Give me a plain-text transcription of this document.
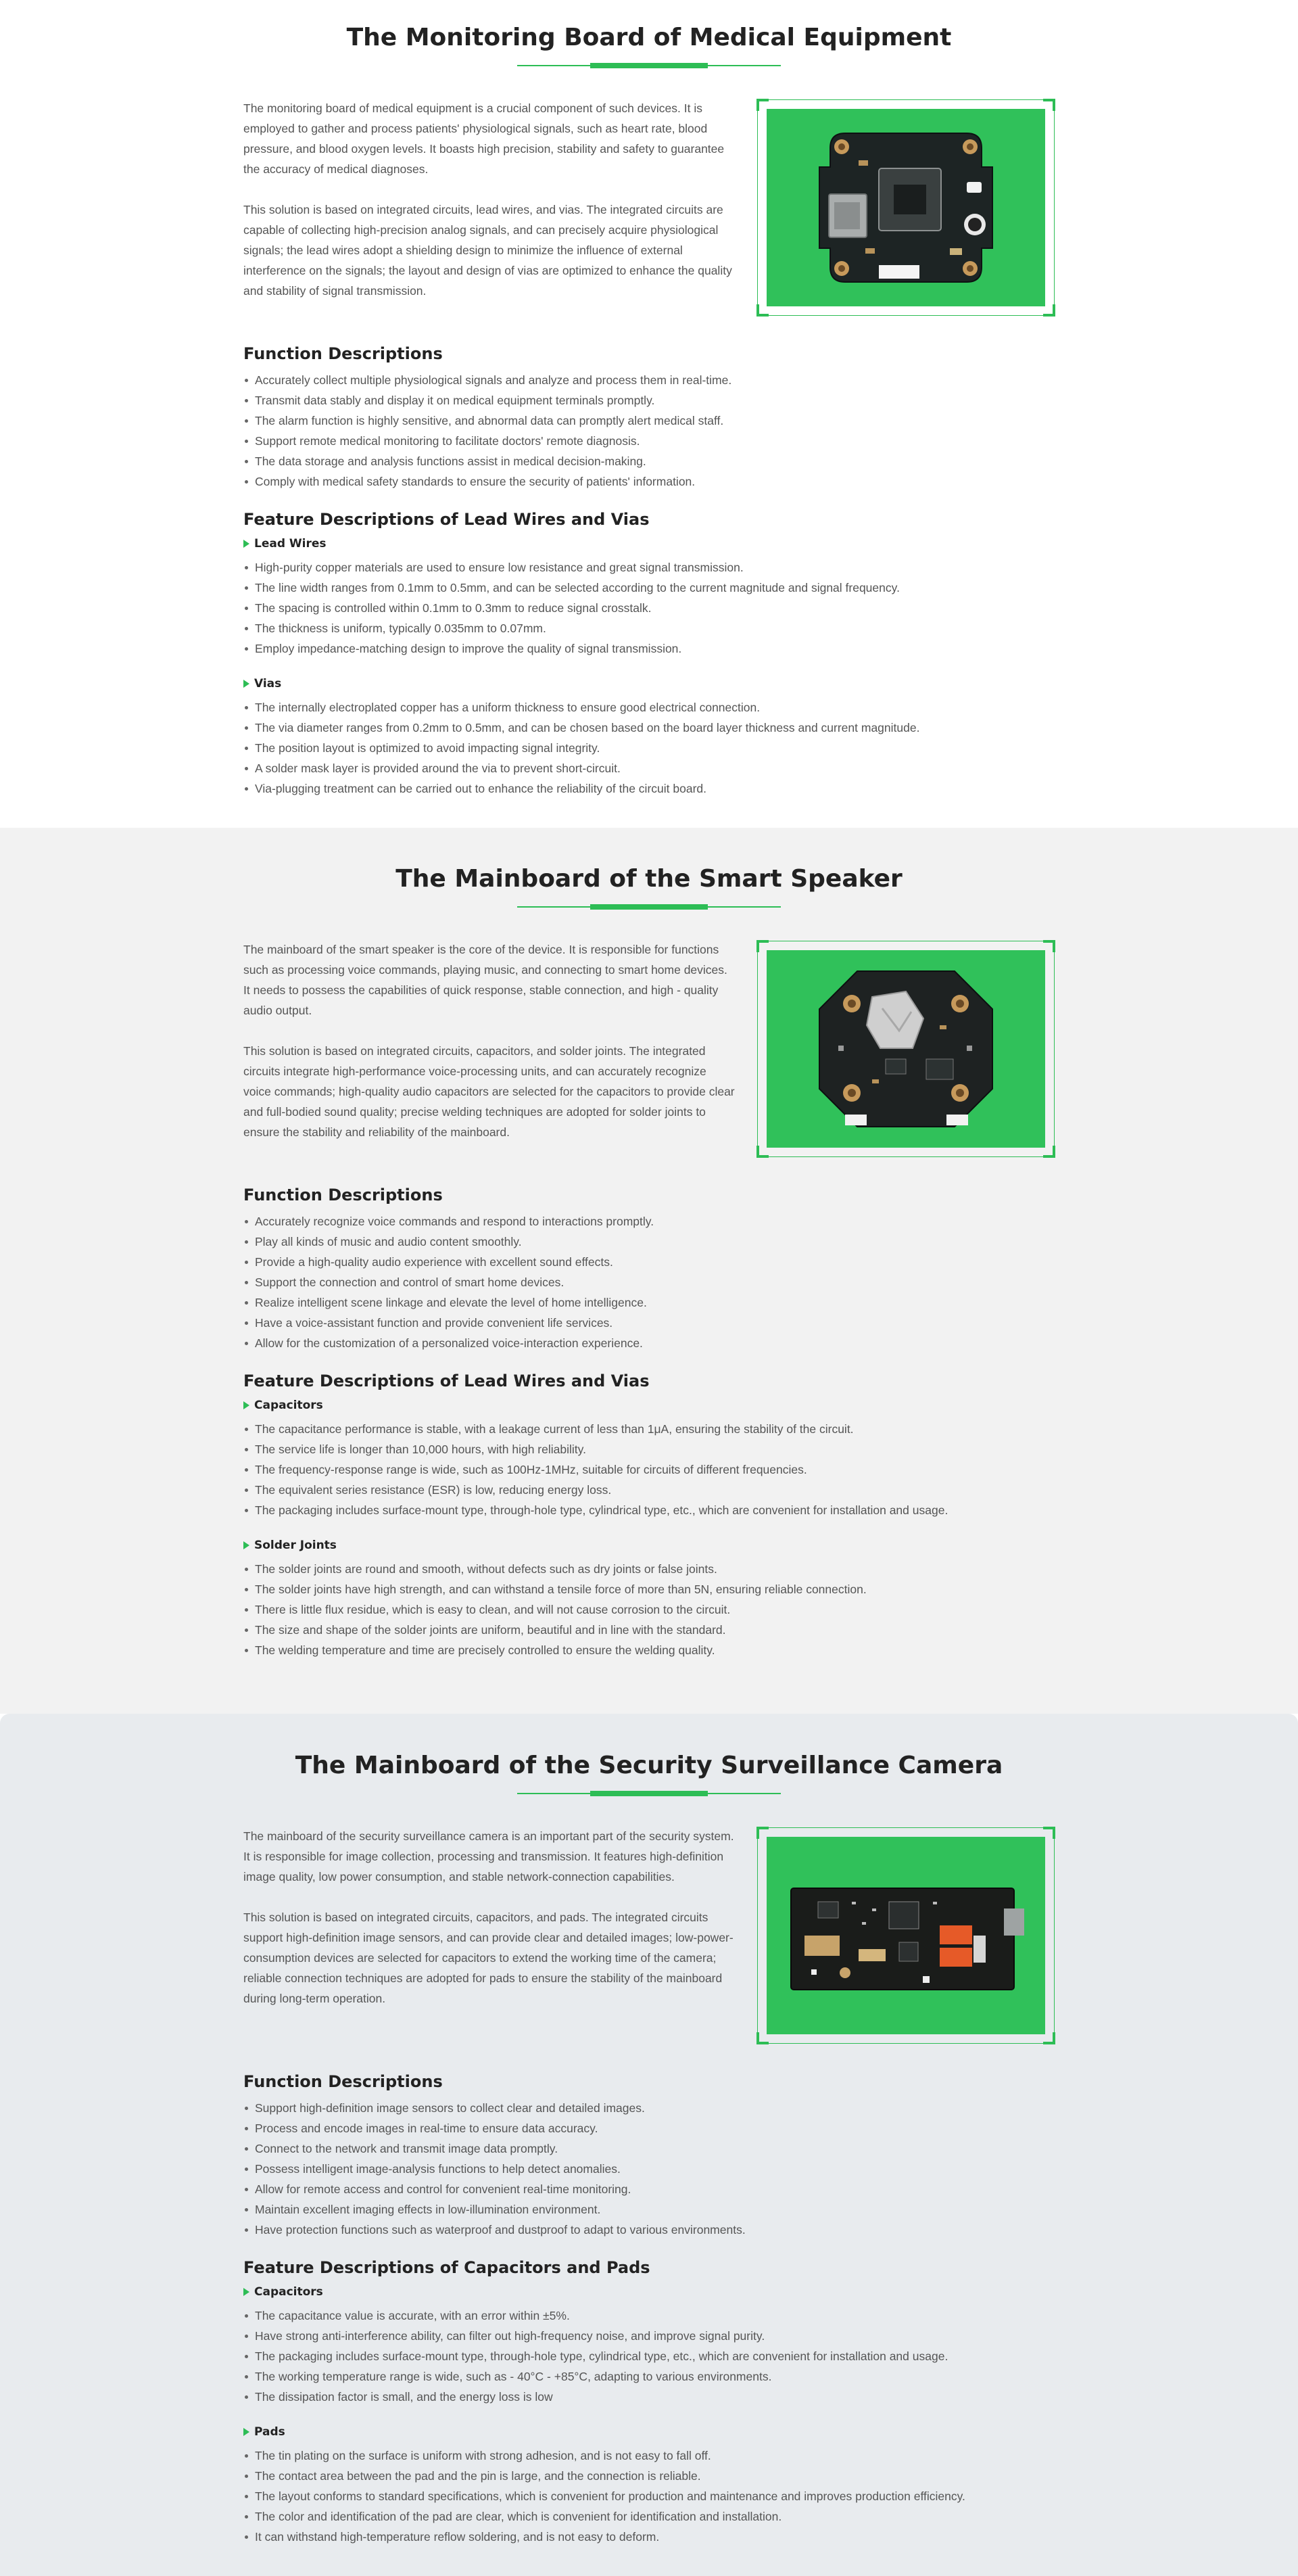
The Monitoring Board of Medical Equipment

The monitoring board of medical equipment is a crucial component of such devices. It is employed to gather and process patients' physiological signals, such as heart rate, blood pressure, and blood oxygen levels. It boasts high precision, stability and safety to guarantee the accuracy of medical diagnoses.

This solution is based on integrated circuits, lead wires, and vias. The integrated circuits are capable of collecting high-precision analog signals, and can precisely acquire physiological signals; the lead wires adopt a shielding design to minimize the influence of external interference on the signals; the layout and design of vias are optimized to enhance the quality and stability of signal transmission.

Function Descriptions
Accurately collect multiple physiological signals and analyze and process them in real-time.
Transmit data stably and display it on medical equipment terminals promptly.
The alarm function is highly sensitive, and abnormal data can promptly alert medical staff.
Support remote medical monitoring to facilitate doctors' remote diagnosis.
The data storage and analysis functions assist in medical decision-making.
Comply with medical safety standards to ensure the security of patients' information.
Feature Descriptions of Lead Wires and Vias
Lead Wires
High-purity copper materials are used to ensure low resistance and great signal transmission.
The line width ranges from 0.1mm to 0.5mm, and can be selected according to the current magnitude and signal frequency.
The spacing is controlled within 0.1mm to 0.3mm to reduce signal crosstalk.
The thickness is uniform, typically 0.035mm to 0.07mm.
Employ impedance-matching design to improve the quality of signal transmission.
Vias
The internally electroplated copper has a uniform thickness to ensure good electrical connection.
The via diameter ranges from 0.2mm to 0.5mm, and can be chosen based on the board layer thickness and current magnitude.
The position layout is optimized to avoid impacting signal integrity.
A solder mask layer is provided around the via to prevent short-circuit.
Via-plugging treatment can be carried out to enhance the reliability of the circuit board.
The Mainboard of the Smart Speaker

The mainboard of the smart speaker is the core of the device. It is responsible for functions such as processing voice commands, playing music, and connecting to smart home devices. It needs to possess the capabilities of quick response, stable connection, and high - quality audio output.

This solution is based on integrated circuits, capacitors, and solder joints. The integrated circuits integrate high-performance voice-processing units, and can accurately recognize voice commands; high-quality audio capacitors are selected for the capacitors to provide clear and full-bodied sound quality; precise welding techniques are adopted for solder joints to ensure the stability and reliability of the mainboard.

Function Descriptions
Accurately recognize voice commands and respond to interactions promptly.
Play all kinds of music and audio content smoothly.
Provide a high-quality audio experience with excellent sound effects.
Support the connection and control of smart home devices.
Realize intelligent scene linkage and elevate the level of home intelligence.
Have a voice-assistant function and provide convenient life services.
Allow for the customization of a personalized voice-interaction experience.
Feature Descriptions of Lead Wires and Vias
Capacitors
The capacitance performance is stable, with a leakage current of less than 1μA, ensuring the stability of the circuit.
The service life is longer than 10,000 hours, with high reliability.
The frequency-response range is wide, such as 100Hz-1MHz, suitable for circuits of different frequencies.
The equivalent series resistance (ESR) is low, reducing energy loss.
The packaging includes surface-mount type, through-hole type, cylindrical type, etc., which are convenient for installation and usage.
Solder Joints
The solder joints are round and smooth, without defects such as dry joints or false joints.
The solder joints have high strength, and can withstand a tensile force of more than 5N, ensuring reliable connection.
There is little flux residue, which is easy to clean, and will not cause corrosion to the circuit.
The size and shape of the solder joints are uniform, beautiful and in line with the standard.
The welding temperature and time are precisely controlled to ensure the welding quality.
The Mainboard of the Security Surveillance Camera

The mainboard of the security surveillance camera is an important part of the security system. It is responsible for image collection, processing and transmission. It features high-definition image quality, low power consumption, and stable network-connection capabilities.

This solution is based on integrated circuits, capacitors, and pads. The integrated circuits support high-definition image sensors, and can provide clear and detailed images; low-power-consumption devices are selected for capacitors to extend the working time of the camera; reliable connection techniques are adopted for pads to ensure the stability of the mainboard during long-term operation.

Function Descriptions
Support high-definition image sensors to collect clear and detailed images.
Process and encode images in real-time to ensure data accuracy.
Connect to the network and transmit image data promptly.
Possess intelligent image-analysis functions to help detect anomalies.
Allow for remote access and control for convenient real-time monitoring.
Maintain excellent imaging effects in low-illumination environment.
Have protection functions such as waterproof and dustproof to adapt to various environments.
Feature Descriptions of Capacitors and Pads
Capacitors
The capacitance value is accurate, with an error within ±5%.
Have strong anti-interference ability, can filter out high-frequency noise, and improve signal purity.
The packaging includes surface-mount type, through-hole type, cylindrical type, etc., which are convenient for installation and usage.
The working temperature range is wide, such as - 40°C - +85°C, adapting to various environments.
The dissipation factor is small, and the energy loss is low
Pads
The tin plating on the surface is uniform with strong adhesion, and is not easy to fall off.
The contact area between the pad and the pin is large, and the connection is reliable.
The layout conforms to standard specifications, which is convenient for production and maintenance and improves production efficiency.
The color and identification of the pad are clear, which is convenient for identification and installation.
It can withstand high-temperature reflow soldering, and is not easy to deform.
